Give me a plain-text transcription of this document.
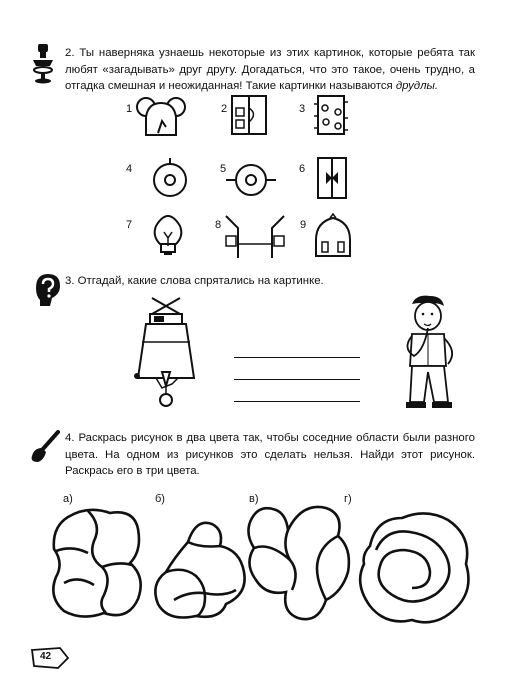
2. Ты наверняка узнаешь некоторые из этих картинок, которые ребята так любят «загадывать» друг другу. Догадаться, что это такое, очень трудно, а отгадка смешная и неожиданная! Такие картинки называются друдлы.
1	2	3
4	5	6
7	8	9
3. Отгадай, какие слова спрятались на картинке.
4. Раскрась рисунок в два цвета так, чтобы соседние области были разного цвета. На одном из рисунков это сделать нельзя. Найди этот рисунок. Раскрась его в три цвета.
а)	б)	в)	г)
42
